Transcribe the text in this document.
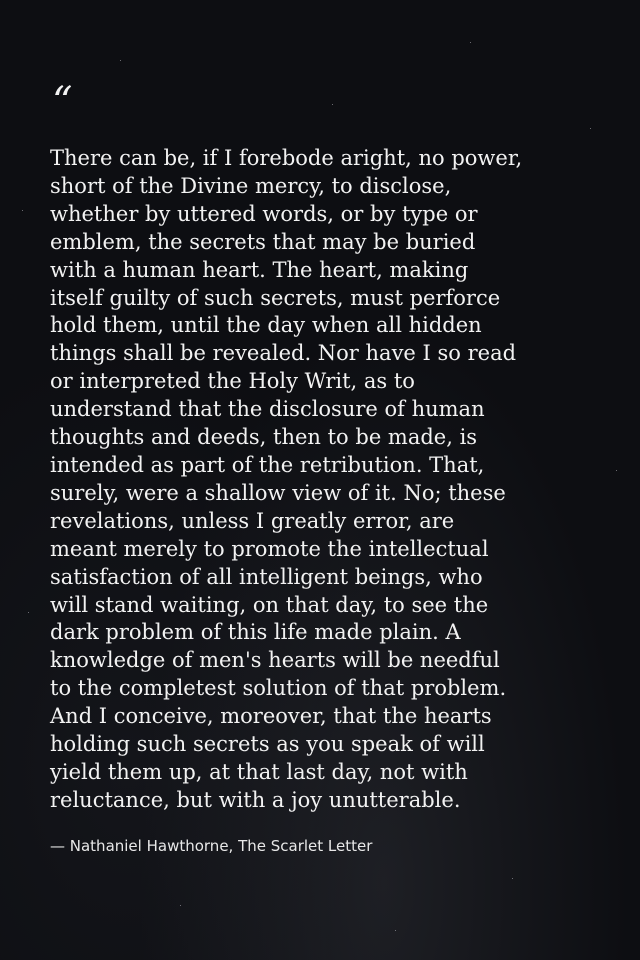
“

There can be, if I forebode aright, no power,
short of the Divine mercy, to disclose,
whether by uttered words, or by type or
emblem, the secrets that may be buried
with a human heart. The heart, making
itself guilty of such secrets, must perforce
hold them, until the day when all hidden
things shall be revealed. Nor have I so read
or interpreted the Holy Writ, as to
understand that the disclosure of human
thoughts and deeds, then to be made, is
intended as part of the retribution. That,
surely, were a shallow view of it. No; these
revelations, unless I greatly error, are
meant merely to promote the intellectual
satisfaction of all intelligent beings, who
will stand waiting, on that day, to see the
dark problem of this life made plain. A
knowledge of men's hearts will be needful
to the completest solution of that problem.
And I conceive, moreover, that the hearts
holding such secrets as you speak of will
yield them up, at that last day, not with
reluctance, but with a joy unutterable.

— Nathaniel Hawthorne, The Scarlet Letter
